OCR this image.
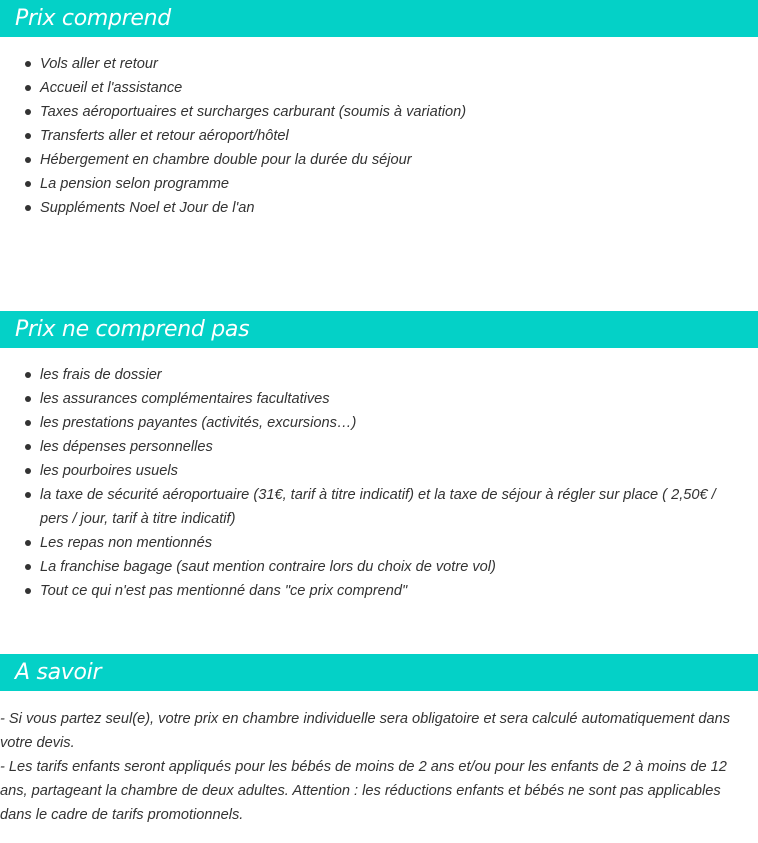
Prix comprend
Vols aller et retour
Accueil et l'assistance
Taxes aéroportuaires et surcharges carburant (soumis à variation)
Transferts aller et retour aéroport/hôtel
Hébergement en chambre double pour la durée du séjour
La pension selon programme
Suppléments Noel et Jour de l'an
Prix ne comprend pas
les frais de dossier
les assurances complémentaires facultatives
les prestations payantes (activités, excursions…)
les dépenses personnelles
les pourboires usuels
la taxe de sécurité aéroportuaire (31€, tarif à titre indicatif) et la taxe de séjour à régler sur place ( 2,50€ / pers / jour, tarif à titre indicatif)
Les repas non mentionnés
La franchise bagage (saut mention contraire lors du choix de votre vol)
Tout ce qui n'est pas mentionné dans "ce prix comprend"
A savoir

- Si vous partez seul(e), votre prix en chambre individuelle sera obligatoire et sera calculé automatiquement dans votre devis.

- Les tarifs enfants seront appliqués pour les bébés de moins de 2 ans et/ou pour les enfants de 2 à moins de 12 ans, partageant la chambre de deux adultes. Attention : les réductions enfants et bébés ne sont pas applicables dans le cadre de tarifs promotionnels.
